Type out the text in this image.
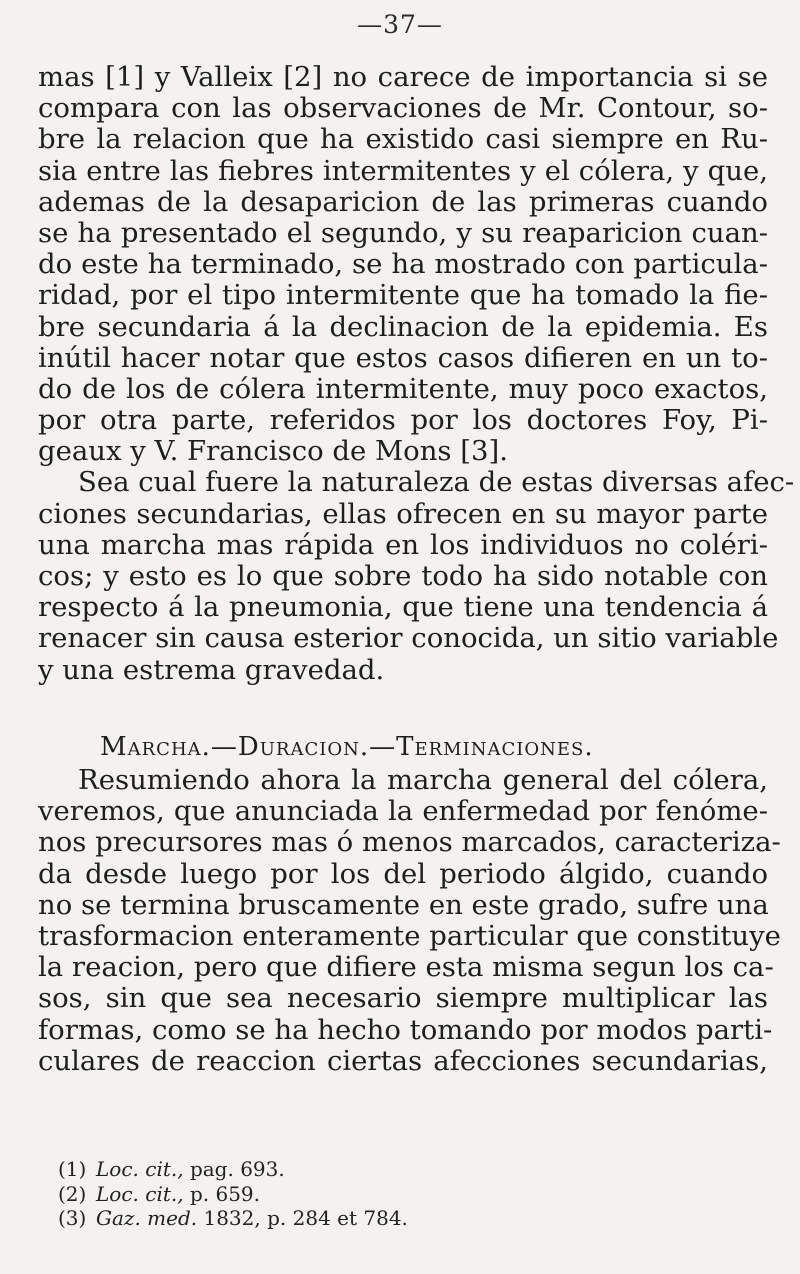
—37—
mas [1] y Valleix [2] no carece de importancia si se
compara con las observaciones de Mr. Contour, so-
bre la relacion que ha existido casi siempre en Ru-
sia entre las fiebres intermitentes y el cólera, y que,
ademas de la desaparicion de las primeras cuando
se ha presentado el segundo, y su reaparicion cuan-
do este ha terminado, se ha mostrado con particula-
ridad, por el tipo intermitente que ha tomado la fie-
bre secundaria á la declinacion de la epidemia. Es
inútil hacer notar que estos casos difieren en un to-
do de los de cólera intermitente, muy poco exactos,
por otra parte, referidos por los doctores Foy, Pi-
geaux y V. Francisco de Mons [3].
Sea cual fuere la naturaleza de estas diversas afec-
ciones secundarias, ellas ofrecen en su mayor parte
una marcha mas rápida en los individuos no coléri-
cos; y esto es lo que sobre todo ha sido notable con
respecto á la pneumonia, que tiene una tendencia á
renacer sin causa esterior conocida, un sitio variable
y una estrema gravedad.
Marcha.—Duracion.—Terminaciones.
Resumiendo ahora la marcha general del cólera,
veremos, que anunciada la enfermedad por fenóme-
nos precursores mas ó menos marcados, caracteriza-
da desde luego por los del periodo álgido, cuando
no se termina bruscamente en este grado, sufre una
trasformacion enteramente particular que constituye
la reacion, pero que difiere esta misma segun los ca-
sos, sin que sea necesario siempre multiplicar las
formas, como se ha hecho tomando por modos parti-
culares de reaccion ciertas afecciones secundarias,
(1) Loc. cit., pag. 693.
(2) Loc. cit., p. 659.
(3) Gaz. med. 1832, p. 284 et 784.
